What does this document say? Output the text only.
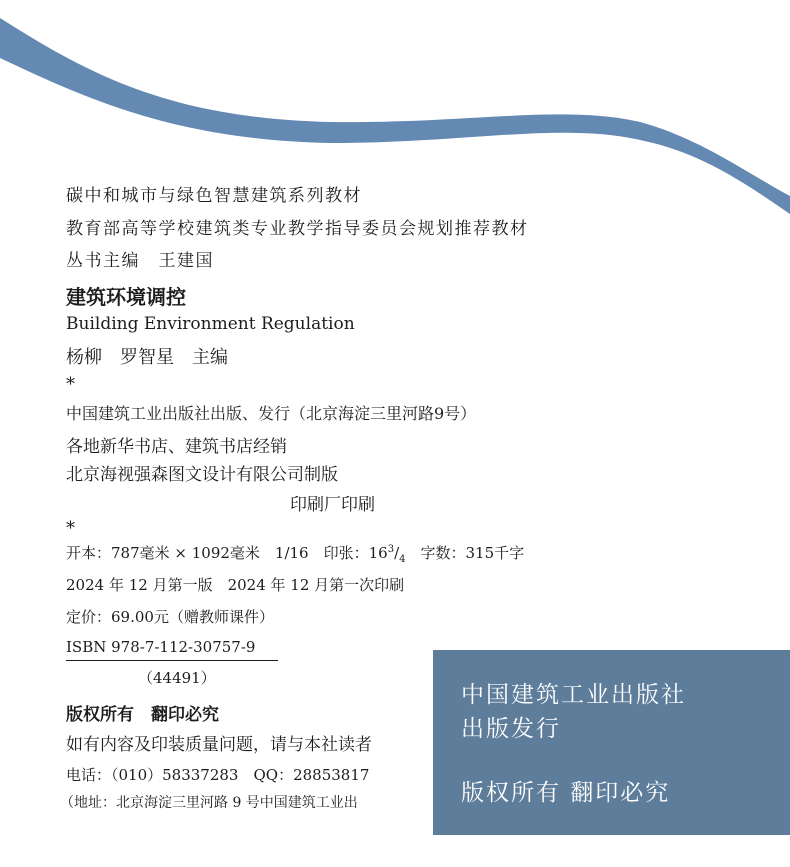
碳中和城市与绿色智慧建筑系列教材
教育部高等学校建筑类专业教学指导委员会规划推荐教材
丛书主编　王建国
建筑环境调控
Building Environment Regulation
杨柳　罗智星　主编
*
中国建筑工业出版社出版、发行（北京海淀三里河路9号）
各地新华书店、建筑书店经销
北京海视强森图文设计有限公司制版
印刷厂印刷
*
开本：787毫米 × 1092毫米　1/16　印张：$16^3/_4$　字数：315千字
2024 年 12 月第一版　2024 年 12 月第一次印刷
定价：69.00元（赠教师课件）
ISBN 978-7-112-30757-9
（44491）
版权所有　翻印必究
如有内容及印装质量问题，请与本社读者
电话：（010）58337283　QQ：28853817
（地址：北京海淀三里河路 9 号中国建筑工业出
中国建筑工业出版社
出版发行
版权所有 翻印必究
